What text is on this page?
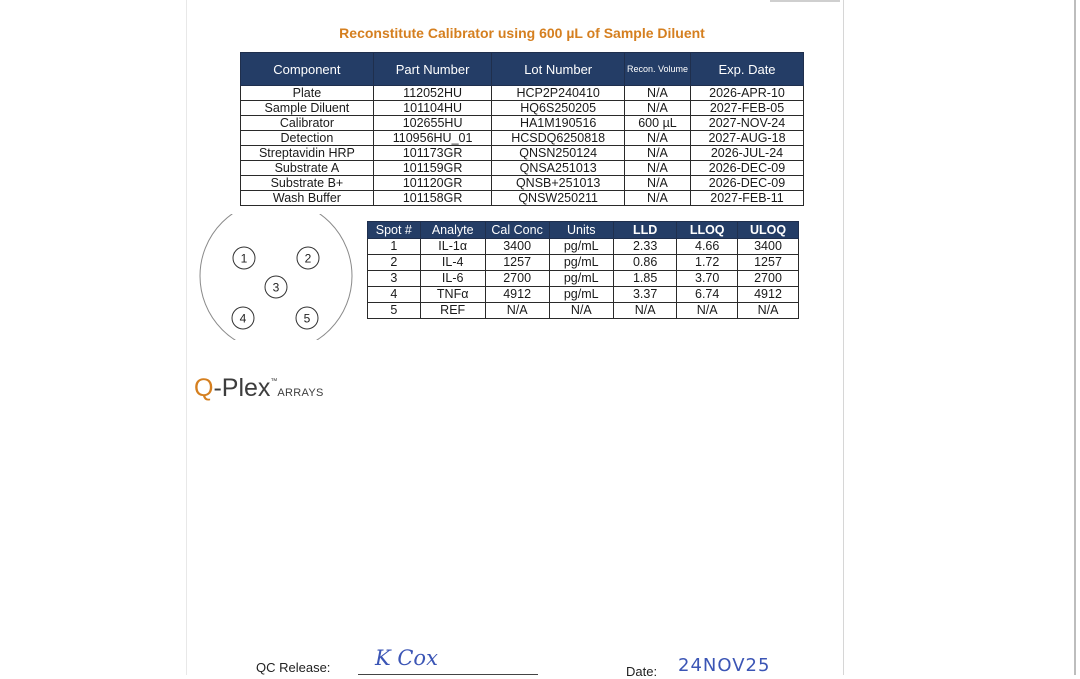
Reconstitute Calibrator using 600 µL of Sample Diluent
Component	Part Number	Lot Number	Recon. Volume	Exp. Date
Plate	112052HU	HCP2P240410	N/A	2026-APR-10
Sample Diluent	101104HU	HQ6S250205	N/A	2027-FEB-05
Calibrator	102655HU	HA1M190516	600 µL	2027-NOV-24
Detection	110956HU_01	HCSDQ6250818	N/A	2027-AUG-18
Streptavidin HRP	101173GR	QNSN250124	N/A	2026-JUL-24
Substrate A	101159GR	QNSA251013	N/A	2026-DEC-09
Substrate B+	101120GR	QNSB+251013	N/A	2026-DEC-09
Wash Buffer	101158GR	QNSW250211	N/A	2027-FEB-11
1	2
3
4	5
Spot #	Analyte	Cal Conc	Units	LLD	LLOQ	ULOQ
1	IL-1α	3400	pg/mL	2.33	4.66	3400
2	IL-4	1257	pg/mL	0.86	1.72	1257
3	IL-6	2700	pg/mL	1.85	3.70	2700
4	TNFα	4912	pg/mL	3.37	6.74	4912
5	REF	N/A	N/A	N/A	N/A	N/A
Q-Plex™ARRAYS
QC Release: K Cox
Date: 24NOV25
